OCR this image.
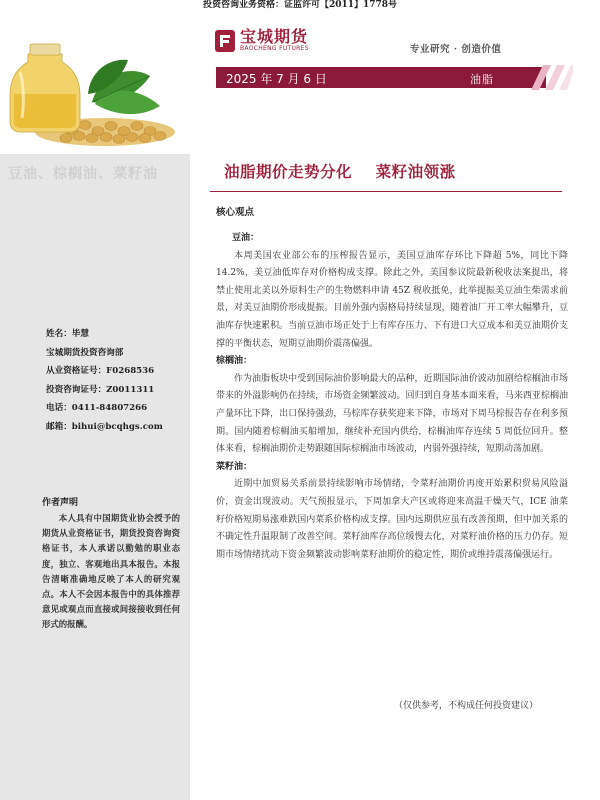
投资咨询业务资格：证监许可【2011】1778号
豆油、棕榈油、菜籽油
姓名：毕慧
宝城期货投资咨询部
从业资格证号：F0268536
投资咨询证号：Z0011311
电话：0411-84807266
邮箱：bihui@bcqhgs.com
作者声明
本人具有中国期货业协会授予的期货从业资格证书，期货投资咨询资格证书，本人承诺以勤勉的职业态度，独立、客观地出具本报告。本报告清晰准确地反映了本人的研究观点。本人不会因本报告中的具体推荐意见或观点而直接或间接接收到任何形式的报酬。
宝城期货
BAOCHENG FUTURES	专业研究 · 创造价值
2025 年 7 月 6 日	油脂
油脂期价走势分化    菜籽油领涨
核心观点

豆油：

本周美国农业部公布的压榨报告显示，美国豆油库存环比下降超 5%，同比下降 14.2%，美豆油低库存对价格构成支撑。除此之外，美国参议院最新税收法案提出，将禁止使用北美以外原料生产的生物燃料申请 45Z 税收抵免，此举提振美豆油生柴需求前景，对美豆油期价形成提振。目前外强内弱格局持续显现，随着油厂开工率大幅攀升，豆油库存快速累积。当前豆油市场正处于上有库存压力、下有进口大豆成本和美豆油期价支撑的平衡状态，短期豆油期价震荡偏强。

棕榈油：

作为油脂板块中受到国际油价影响最大的品种，近期国际油价波动加剧给棕榈油市场带来的外溢影响仍在持续，市场资金频繁波动。回归到自身基本面来看，马来西亚棕榈油产量环比下降，出口保持强劲，马棕库存获奖迎来下降，市场对下周马棕报告存在利多预期。国内随着棕榈油买船增加，继续补充国内供给，棕榈油库存连续 5 周低位回升。整体来看，棕榈油期价走势跟随国际棕榈油市场波动，内弱外强持续，短期动荡加剧。

菜籽油：

近期中加贸易关系前景持续影响市场情绪，令菜籽油期价再度开始累积贸易风险溢价，资金出现波动。天气预报显示，下周加拿大产区或将迎来高温干燥天气，ICE 油菜籽价格短期易涨难跌国内菜系价格构成支撑。国内远期供应虽有改善预期，但中加关系的不确定性升温限制了改善空间。菜籽油库存高位缓慢去化，对菜籽油价格的压力仍存。短期市场情绪扰动下资金频繁波动影响菜籽油期价的稳定性，期价或维持震荡偏强运行。

（仅供参考，不构成任何投资建议）
